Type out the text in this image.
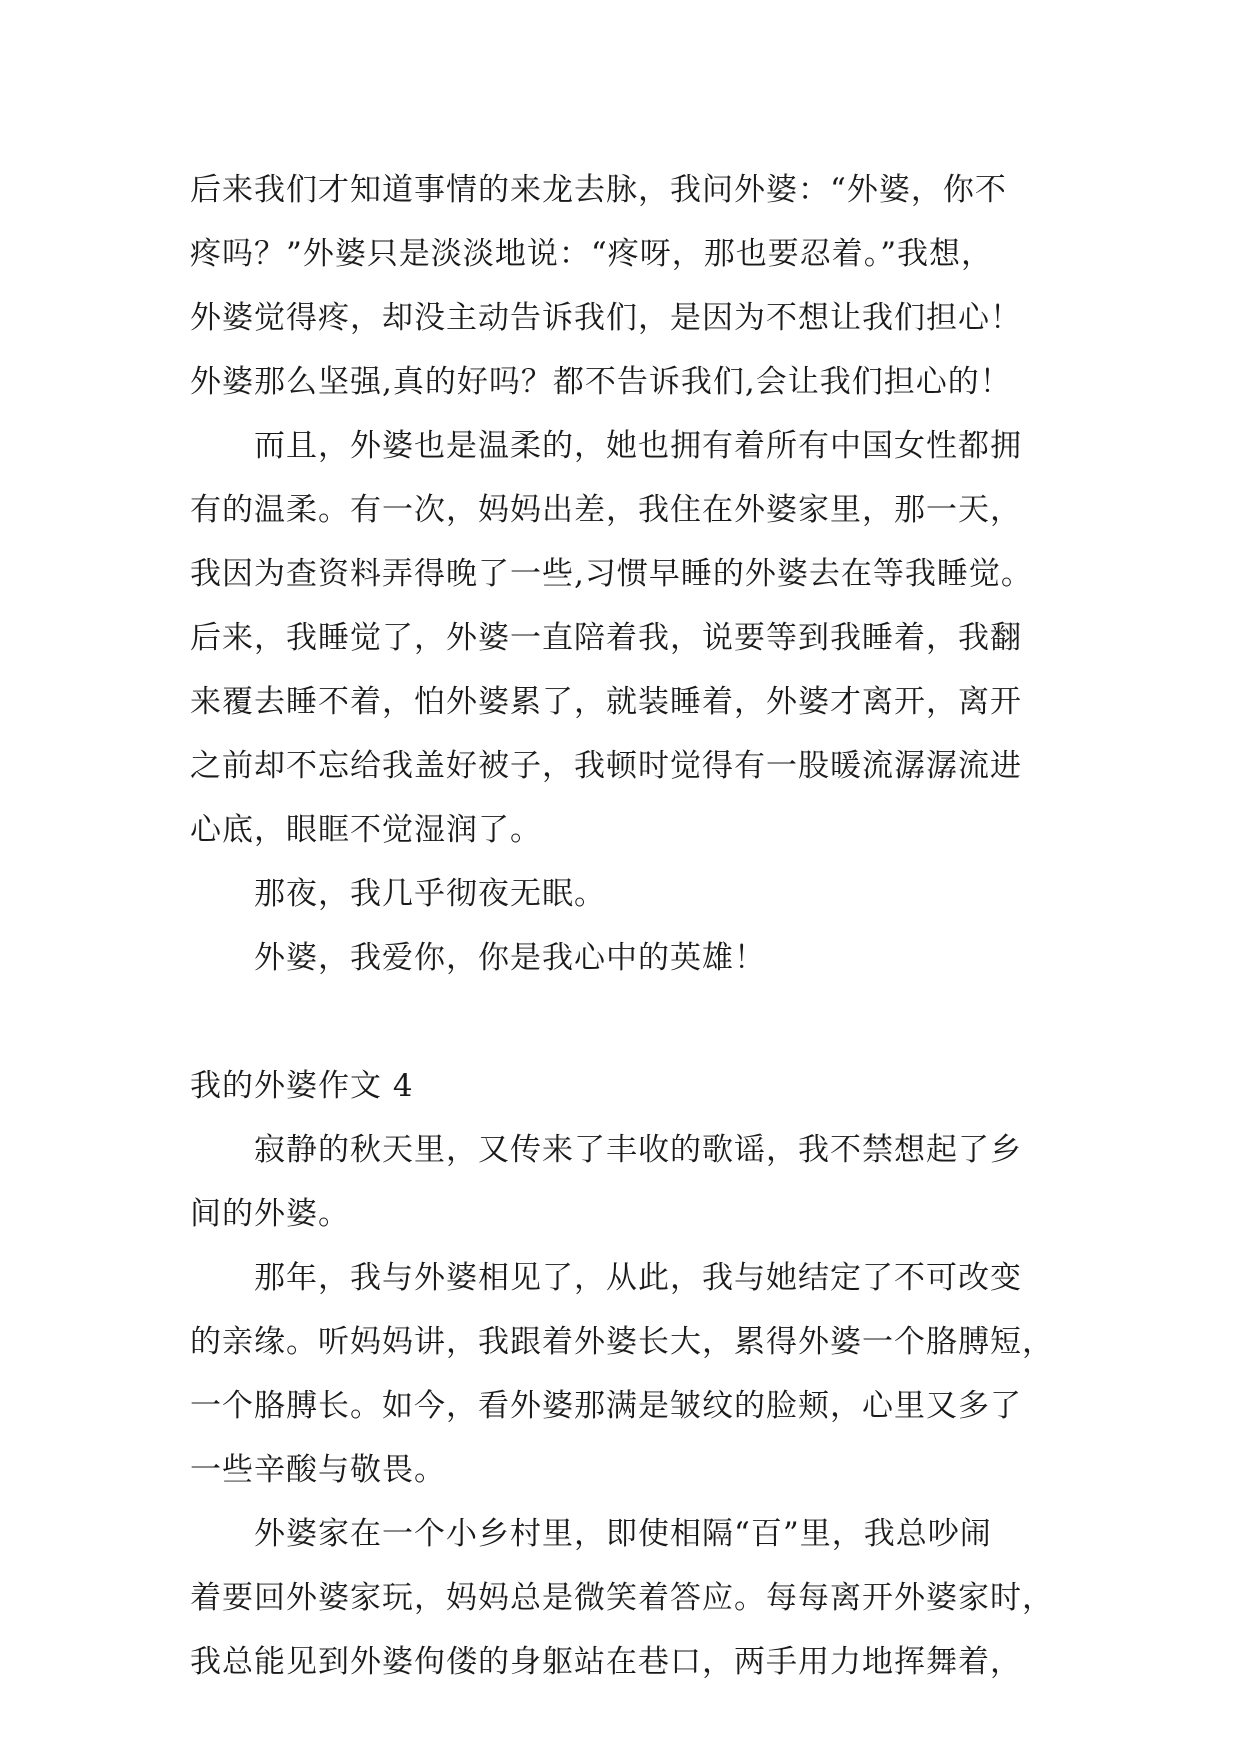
后来我们才知道事情的来龙去脉，我问外婆：“外婆，你不
疼吗？”外婆只是淡淡地说：“疼呀，那也要忍着。”我想，
外婆觉得疼，却没主动告诉我们，是因为不想让我们担心！
外婆那么坚强,真的好吗？都不告诉我们,会让我们担心的！
而且，外婆也是温柔的，她也拥有着所有中国女性都拥
有的温柔。有一次，妈妈出差，我住在外婆家里，那一天，
我因为查资料弄得晚了一些,习惯早睡的外婆去在等我睡觉。
后来，我睡觉了，外婆一直陪着我，说要等到我睡着，我翻
来覆去睡不着，怕外婆累了，就装睡着，外婆才离开，离开
之前却不忘给我盖好被子，我顿时觉得有一股暖流潺潺流进
心底，眼眶不觉湿润了。
那夜，我几乎彻夜无眠。
外婆，我爱你，你是我心中的英雄！
我的外婆作文 4
寂静的秋天里，又传来了丰收的歌谣，我不禁想起了乡
间的外婆。
那年，我与外婆相见了，从此，我与她结定了不可改变
的亲缘。听妈妈讲，我跟着外婆长大，累得外婆一个胳膊短，
一个胳膊长。如今，看外婆那满是皱纹的脸颊，心里又多了
一些辛酸与敬畏。
外婆家在一个小乡村里，即使相隔“百”里，我总吵闹
着要回外婆家玩，妈妈总是微笑着答应。每每离开外婆家时，
我总能见到外婆佝偻的身躯站在巷口，两手用力地挥舞着，
